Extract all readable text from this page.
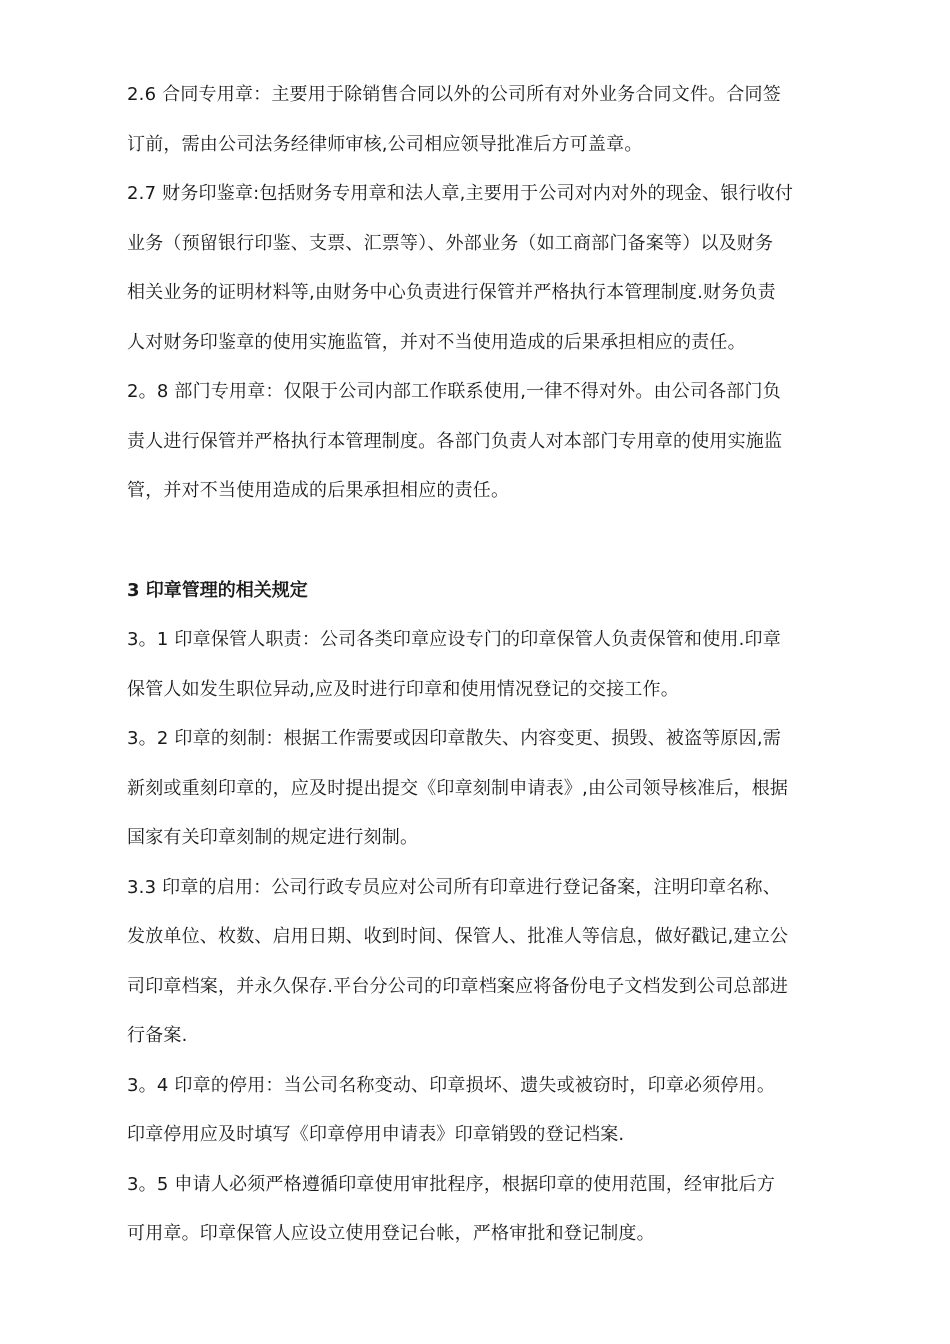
2.6 合同专用章：主要用于除销售合同以外的公司所有对外业务合同文件。合同签
订前，需由公司法务经律师审核,公司相应领导批准后方可盖章。

2.7 财务印鉴章:包括财务专用章和法人章,主要用于公司对内对外的现金、银行收付
业务（预留银行印鉴、支票、汇票等）、外部业务（如工商部门备案等）以及财务
相关业务的证明材料等,由财务中心负责进行保管并严格执行本管理制度.财务负责
人对财务印鉴章的使用实施监管，并对不当使用造成的后果承担相应的责任。

2。8 部门专用章：仅限于公司内部工作联系使用,一律不得对外。由公司各部门负
责人进行保管并严格执行本管理制度。各部门负责人对本部门专用章的使用实施监
管，并对不当使用造成的后果承担相应的责任。

3 印章管理的相关规定

3。1 印章保管人职责：公司各类印章应设专门的印章保管人负责保管和使用.印章
保管人如发生职位异动,应及时进行印章和使用情况登记的交接工作。

3。2 印章的刻制：根据工作需要或因印章散失、内容变更、损毁、被盗等原因,需
新刻或重刻印章的，应及时提出提交《印章刻制申请表》,由公司领导核准后，根据
国家有关印章刻制的规定进行刻制。

3.3 印章的启用：公司行政专员应对公司所有印章进行登记备案，注明印章名称、
发放单位、枚数、启用日期、收到时间、保管人、批准人等信息，做好戳记,建立公
司印章档案，并永久保存.平台分公司的印章档案应将备份电子文档发到公司总部进
行备案.

3。4 印章的停用：当公司名称变动、印章损坏、遗失或被窃时，印章必须停用。
印章停用应及时填写《印章停用申请表》印章销毁的登记档案.

3。5 申请人必须严格遵循印章使用审批程序，根据印章的使用范围，经审批后方
可用章。印章保管人应设立使用登记台帐，严格审批和登记制度。
